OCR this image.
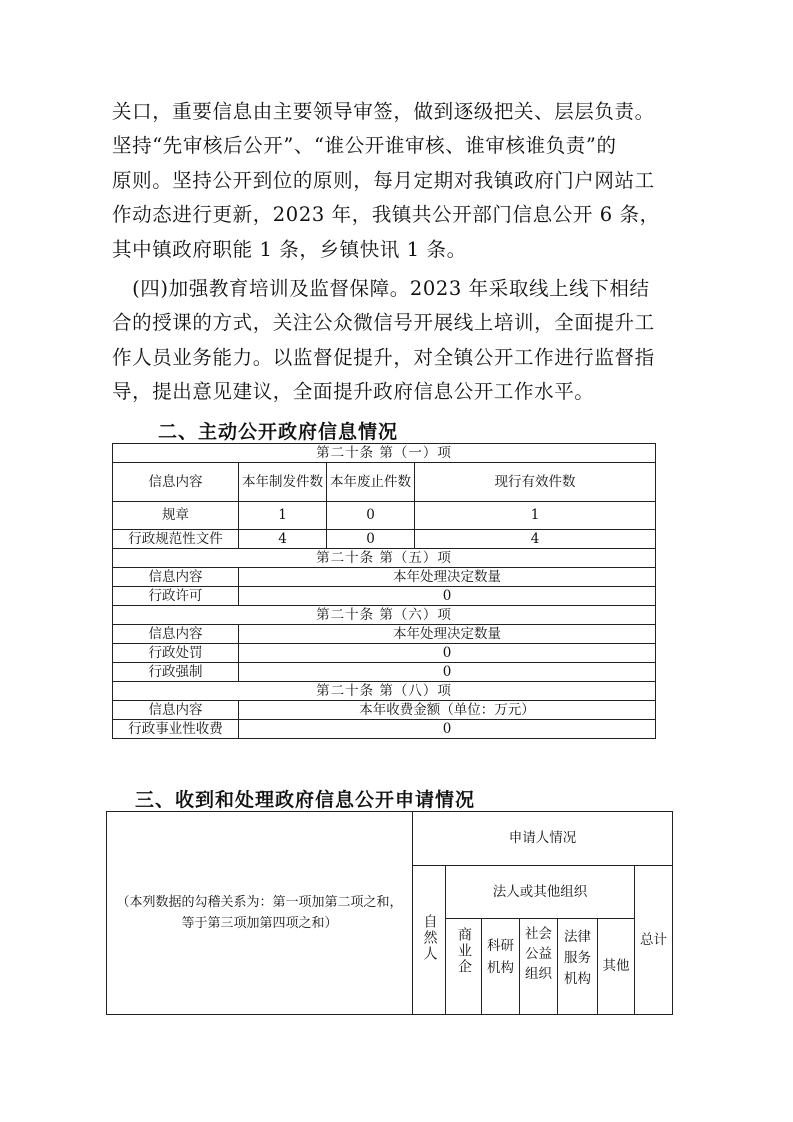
关口，重要信息由主要领导审签，做到逐级把关、层层负责。
坚持“先审核后公开”、“谁公开谁审核、谁审核谁负责”的
原则。坚持公开到位的原则，每月定期对我镇政府门户网站工
作动态进行更新，2023 年，我镇共公开部门信息公开 6 条，
其中镇政府职能 1 条，乡镇快讯 1 条。
　(四)加强教育培训及监督保障。2023 年采取线上线下相结
合的授课的方式，关注公众微信号开展线上培训，全面提升工
作人员业务能力。以监督促提升，对全镇公开工作进行监督指
导，提出意见建议，全面提升政府信息公开工作水平。
二、主动公开政府信息情况
第二十条 第（一）项			
信息内容	本年制发件数	本年废止件数	现行有效件数
规章	1	0	1
行政规范性文件	4	0	4
第二十条 第（五）项			
信息内容	本年处理决定数量		
行政许可	0		
第二十条 第（六）项			
信息内容	本年处理决定数量		
行政处罚	0		
行政强制	0		
第二十条 第（八）项			
信息内容	本年收费金额（单位：万元）		
行政事业性收费	0		
三、收到和处理政府信息公开申请情况
（本列数据的勾稽关系为：第一项加第二项之和，等于第三项加第四项之和）	申请人情况						
	自然人	法人或其他组织					总计
		商业企	科研机构	社会公益组织	法律服务机构	其他	
